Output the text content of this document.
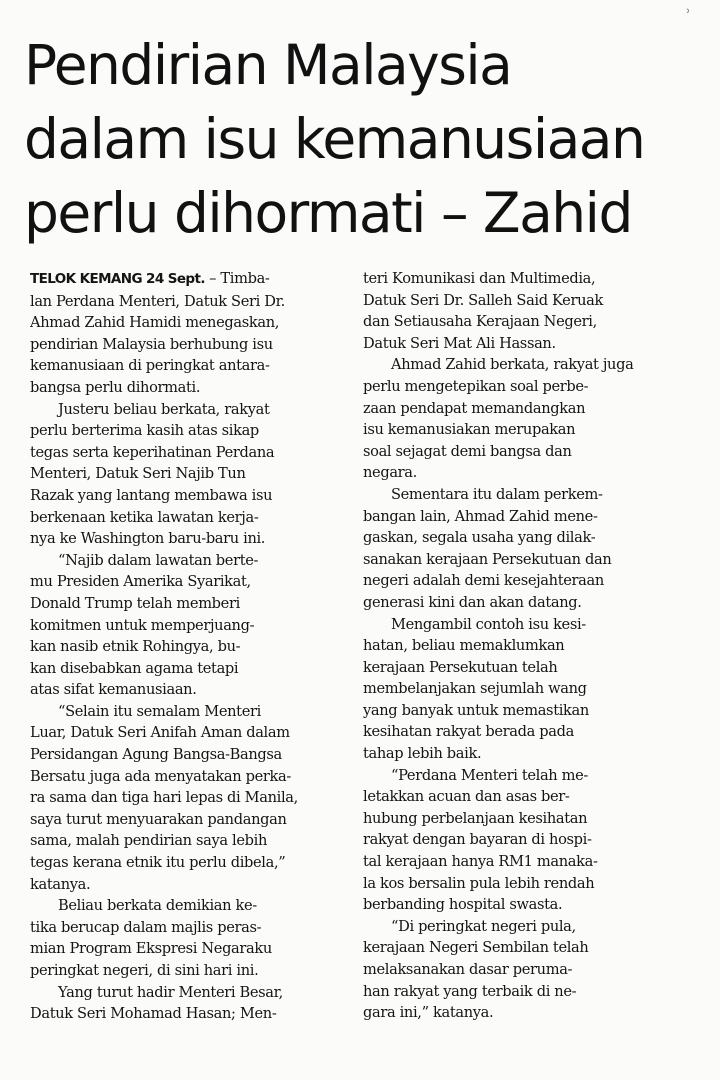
ʾ
Pendirian Malaysia
dalam isu kemanusiaan
perlu dihormati – Zahid

TELOK KEMANG 24 Sept. – Timba-
lan Perdana Menteri, Datuk Seri Dr.
Ahmad Zahid Hamidi menegaskan,
pendirian Malaysia berhubung isu
kemanusiaan di peringkat antara-
bangsa perlu dihormati.

Justeru beliau berkata, rakyat
perlu berterima kasih atas sikap
tegas serta keperihatinan Perdana
Menteri, Datuk Seri Najib Tun
Razak yang lantang membawa isu
berkenaan ketika lawatan kerja-
nya ke Washington baru-baru ini.

“Najib dalam lawatan berte-
mu Presiden Amerika Syarikat,
Donald Trump telah memberi
komitmen untuk memperjuang-
kan nasib etnik Rohingya, bu-
kan disebabkan agama tetapi
atas sifat kemanusiaan.

“Selain itu semalam Menteri
Luar, Datuk Seri Anifah Aman dalam
Persidangan Agung Bangsa-Bangsa
Bersatu juga ada menyatakan perka-
ra sama dan tiga hari lepas di Manila,
saya turut menyuarakan pandangan
sama, malah pendirian saya lebih
tegas kerana etnik itu perlu dibela,”
katanya.

Beliau berkata demikian ke-
tika berucap dalam majlis peras-
mian Program Ekspresi Negaraku
peringkat negeri, di sini hari ini.

Yang turut hadir Menteri Besar,
Datuk Seri Mohamad Hasan; Men-

teri Komunikasi dan Multimedia,
Datuk Seri Dr. Salleh Said Keruak
dan Setiausaha Kerajaan Negeri,
Datuk Seri Mat Ali Hassan.

Ahmad Zahid berkata, rakyat juga
perlu mengetepikan soal perbe-
zaan pendapat memandangkan
isu kemanusiakan merupakan
soal sejagat demi bangsa dan
negara.

Sementara itu dalam perkem-
bangan lain, Ahmad Zahid mene-
gaskan, segala usaha yang dilak-
sanakan kerajaan Persekutuan dan
negeri adalah demi kesejahteraan
generasi kini dan akan datang.

Mengambil contoh isu kesi-
hatan, beliau memaklumkan
kerajaan Persekutuan telah
membelanjakan sejumlah wang
yang banyak untuk memastikan
kesihatan rakyat berada pada
tahap lebih baik.

“Perdana Menteri telah me-
letakkan acuan dan asas ber-
hubung perbelanjaan kesihatan
rakyat dengan bayaran di hospi-
tal kerajaan hanya RM1 manaka-
la kos bersalin pula lebih rendah
berbanding hospital swasta.

“Di peringkat negeri pula,
kerajaan Negeri Sembilan telah
melaksanakan dasar peruma-
han rakyat yang terbaik di ne-
gara ini,” katanya.
